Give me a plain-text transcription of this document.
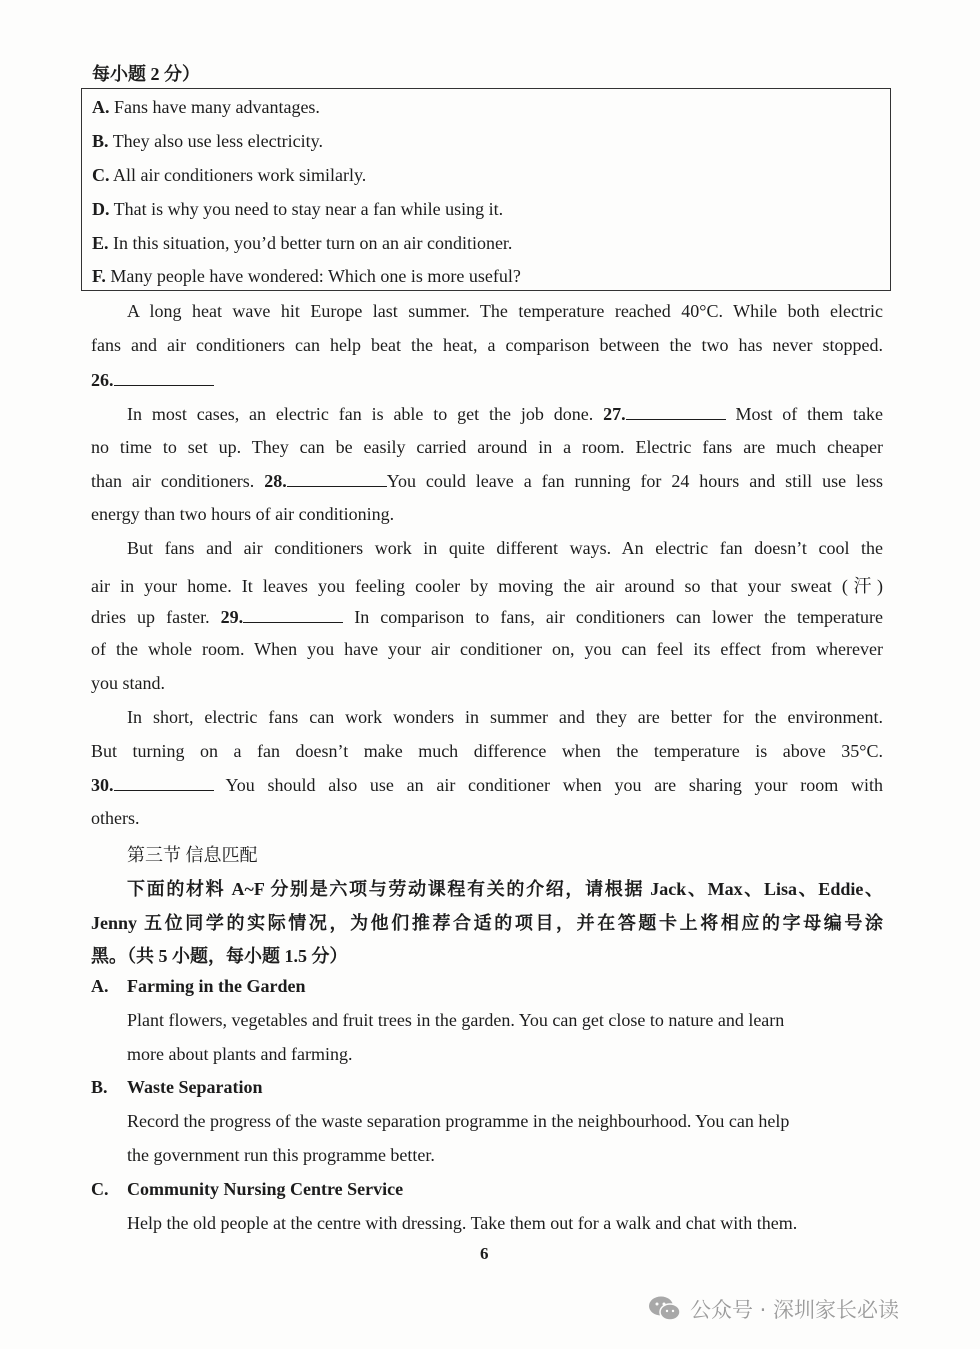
每小题 2 分）
A. Fans have many advantages.
B. They also use less electricity.
C. All air conditioners work similarly.
D. That is why you need to stay near a fan while using it.
E. In this situation, you’d better turn on an air conditioner.
F. Many people have wondered: Which one is more useful?
A long heat wave hit Europe last summer. The temperature reached 40°C. While both electric
fans and air conditioners can help beat the heat, a comparison between the two has never stopped.
26.
In most cases, an electric fan is able to get the job done. 27.	Most of them take
no time to set up. They can be easily carried around in a room. Electric fans are much cheaper
than air conditioners. 28.	You could leave a fan running for 24 hours and still use less
energy than two hours of air conditioning.
But fans and air conditioners work in quite different ways. An electric fan doesn’t cool the
air in your home. It leaves you feeling cooler by moving the air around so that your sweat (汗)
dries up faster. 29.	In comparison to fans, air conditioners can lower the temperature
of the whole room. When you have your air conditioner on, you can feel its effect from wherever
you stand.
In short, electric fans can work wonders in summer and they are better for the environment.
But turning on a fan doesn’t make much difference when the temperature is above 35°C.
30.	You should also use an air conditioner when you are sharing your room with
others.
第三节 信息匹配
下面的材料 A~F 分别是六项与劳动课程有关的介绍，请根据 Jack、Max、Lisa、Eddie、
Jenny 五位同学的实际情况，为他们推荐合适的项目，并在答题卡上将相应的字母编号涂
黑。（共 5 小题，每小题 1.5 分）
A. Farming in the Garden
Plant flowers, vegetables and fruit trees in the garden. You can get close to nature and learn
more about plants and farming.
B. Waste Separation
Record the progress of the waste separation programme in the neighbourhood. You can help
the government run this programme better.
C. Community Nursing Centre Service
Help the old people at the centre with dressing. Take them out for a walk and chat with them.
6
公众号 · 深圳家长必读
